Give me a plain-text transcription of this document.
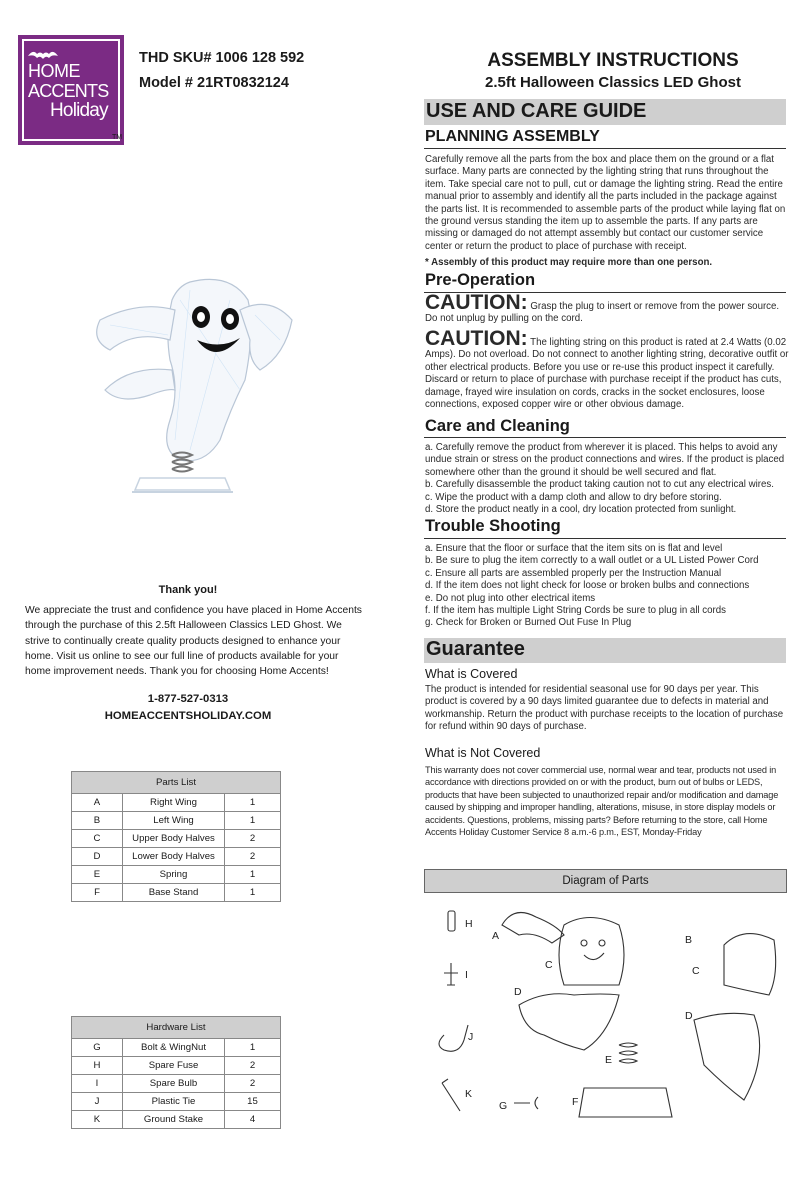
HOME
ACCENTS
Holiday
TM
THD SKU# 1006 128 592
Model # 21RT0832124
ASSEMBLY INSTRUCTIONS
2.5ft Halloween Classics LED Ghost
USE AND CARE GUIDE
PLANNING ASSEMBLY
Carefully remove all the parts from the box and place them on the ground or a flat surface. Many parts are connected by the lighting string that runs throughout the item. Take special care not to pull, cut or damage the lighting string. Read the entire manual prior to assembly and identify all the parts included in the package against the parts list. It is recommended to assemble parts of the product while laying flat on the ground versus standing the item up to assemble the parts. If any parts are missing or damaged do not attempt assembly but contact our customer service center or return the product to place of purchase with receipt.
* Assembly of this product may require more than one person.
Pre-Operation
CAUTION: Grasp the plug to insert or remove from the power source. Do not unplug by pulling on the cord.
CAUTION: The lighting string on this product is rated at 2.4 Watts (0.02 Amps). Do not overload. Do not connect to another lighting string, decorative outfit or other electrical products. Before you use or re-use this product inspect it carefully. Discard or return to place of purchase with purchase receipt if the product has cuts, damage, frayed wire insulation on cords, cracks in the socket enclosures, loose connections, exposed copper wire or other obvious damage.
Care and Cleaning
a. Carefully remove the product from wherever it is placed. This helps to avoid any undue strain or stress on the product connections and wires. If the product is placed somewhere other than the ground it should be well secured and flat.
b. Carefully disassemble the product taking caution not to cut any electrical wires.
c. Wipe the product with a damp cloth and allow to dry before storing.
d. Store the product neatly in a cool, dry location protected from sunlight.
Trouble Shooting
a. Ensure that the floor or surface that the item sits on is flat and level
b. Be sure to plug the item correctly to a wall outlet or a UL Listed Power Cord
c. Ensure all parts are assembled properly per the Instruction Manual
d. If the item does not light check for loose or broken bulbs and connections
e. Do not plug into other electrical items
f. If the item has multiple Light String Cords be sure to plug in all cords
g. Check for Broken or Burned Out Fuse In Plug
Guarantee
What is Covered
The product is intended for residential seasonal use for 90 days per year. This product is covered by a 90 days limited guarantee due to defects in material and workmanship. Return the product with purchase receipts to the location of purchase for refund within 90 days of purchase.
What is Not Covered
This warranty does not cover commercial use, normal wear and tear, products not used in accordance with directions provided on or with the product, burn out of bulbs or LEDS, products that have been subjected to unauthorized repair and/or modification and damage caused by shipping and improper handling, alterations, misuse, in store display models or accidents. Questions, problems, missing parts? Before returning to the store, call Home Accents Holiday Customer Service 8 a.m.-6 p.m., EST, Monday-Friday
Thank you!
We appreciate the trust and confidence you have placed in Home Accents through the purchase of this 2.5ft Halloween Classics LED Ghost. We strive to continually create quality products designed to enhance your home. Visit us online to see our full line of products available for your home improvement needs. Thank you for choosing Home Accents!
1-877-527-0313
HOMEACCENTSHOLIDAY.COM
Parts List		
A	Right Wing	1
B	Left Wing	1
C	Upper Body Halves	2
D	Lower Body Halves	2
E	Spring	1
F	Base Stand	1
Hardware List		
G	Bolt & WingNut	1
H	Spare Fuse	2
I	Spare Bulb	2
J	Plastic Tie	15
K	Ground Stake	4
Diagram of Parts
H
I
J
K
G
A	B
C	C
D
D
E
F
